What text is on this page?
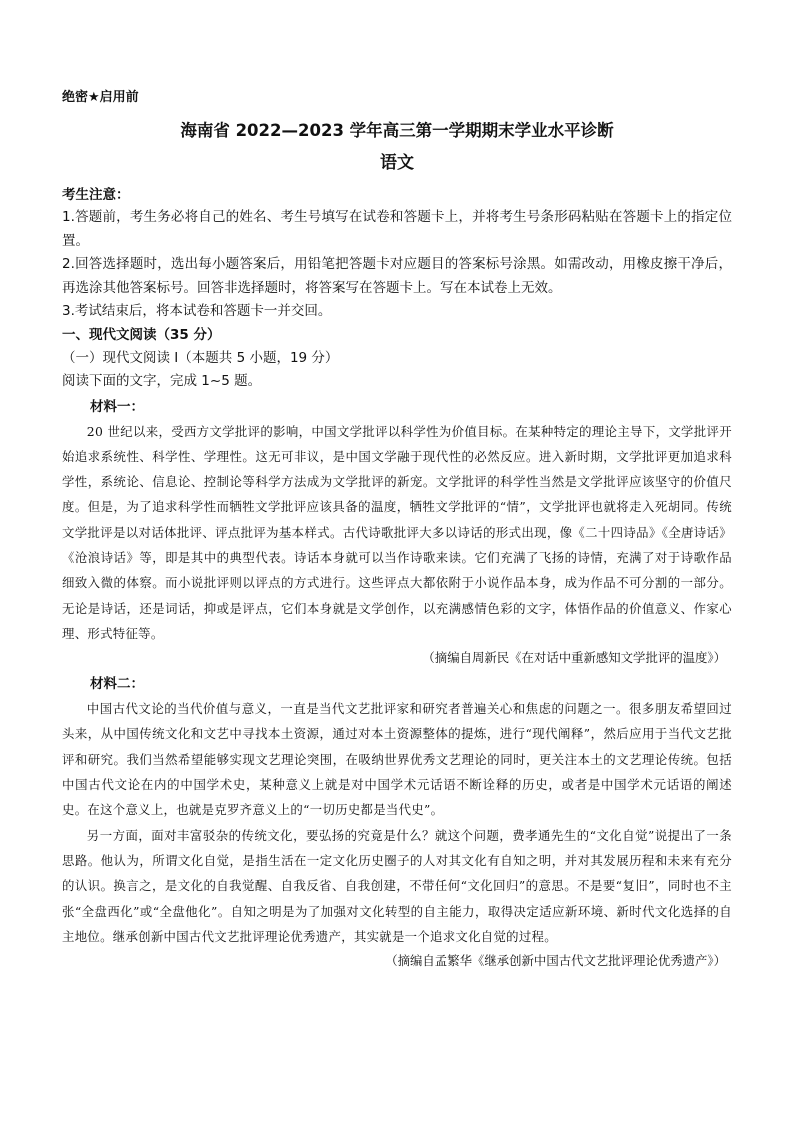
绝密★启用前

海南省 2022—2023 学年高三第一学期期末学业水平诊断

语文

考生注意：

1.答题前，考生务必将自己的姓名、考生号填写在试卷和答题卡上，并将考生号条形码粘贴在答题卡上的指定位置。

2.回答选择题时，选出每小题答案后，用铅笔把答题卡对应题目的答案标号涂黑。如需改动，用橡皮擦干净后，再选涂其他答案标号。回答非选择题时，将答案写在答题卡上。写在本试卷上无效。

3.考试结束后，将本试卷和答题卡一并交回。

一、现代文阅读（35 分）

（一）现代文阅读 I（本题共 5 小题，19 分）

阅读下面的文字，完成 1~5 题。

材料一：

20 世纪以来，受西方文学批评的影响，中国文学批评以科学性为价值目标。在某种特定的理论主导下，文学批评开始追求系统性、科学性、学理性。这无可非议，是中国文学融于现代性的必然反应。进入新时期，文学批评更加追求科学性，系统论、信息论、控制论等科学方法成为文学批评的新宠。文学批评的科学性当然是文学批评应该坚守的价值尺度。但是，为了追求科学性而牺牲文学批评应该具备的温度，牺牲文学批评的“情”，文学批评也就将走入死胡同。传统文学批评是以对话体批评、评点批评为基本样式。古代诗歌批评大多以诗话的形式出现，像《二十四诗品》《全唐诗话》《沧浪诗话》等，即是其中的典型代表。诗话本身就可以当作诗歌来读。它们充满了飞扬的诗情，充满了对于诗歌作品细致入微的体察。而小说批评则以评点的方式进行。这些评点大都依附于小说作品本身，成为作品不可分割的一部分。无论是诗话，还是词话，抑或是评点，它们本身就是文学创作，以充满感情色彩的文字，体悟作品的价值意义、作家心理、形式特征等。

（摘编自周新民《在对话中重新感知文学批评的温度》）

材料二：

中国古代文论的当代价值与意义，一直是当代文艺批评家和研究者普遍关心和焦虑的问题之一。很多朋友希望回过头来，从中国传统文化和文艺中寻找本土资源，通过对本土资源整体的提炼，进行“现代阐释”，然后应用于当代文艺批评和研究。我们当然希望能够实现文艺理论突围，在吸纳世界优秀文艺理论的同时，更关注本土的文艺理论传统。包括中国古代文论在内的中国学术史，某种意义上就是对中国学术元话语不断诠释的历史，或者是中国学术元话语的阐述史。在这个意义上，也就是克罗齐意义上的“一切历史都是当代史”。

另一方面，面对丰富驳杂的传统文化，要弘扬的究竟是什么？就这个问题，费孝通先生的“文化自觉”说提出了一条思路。他认为，所谓文化自觉，是指生活在一定文化历史圈子的人对其文化有自知之明，并对其发展历程和未来有充分的认识。换言之，是文化的自我觉醒、自我反省、自我创建，不带任何“文化回归”的意思。不是要“复旧”，同时也不主张“全盘西化”或“全盘他化”。自知之明是为了加强对文化转型的自主能力，取得决定适应新环境、新时代文化选择的自主地位。继承创新中国古代文艺批评理论优秀遗产，其实就是一个追求文化自觉的过程。

（摘编自孟繁华《继承创新中国古代文艺批评理论优秀遗产》）
